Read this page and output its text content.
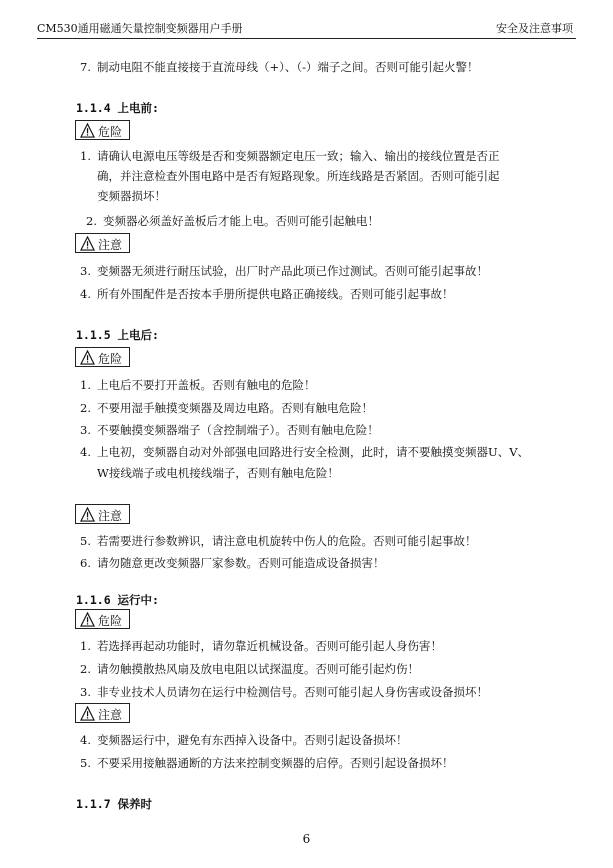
CM530通用磁通矢量控制变频器用户手册	安全及注意事项
7. 制动电阻不能直接接于直流母线（+）、（-）端子之间。否则可能引起火警！
1.1.4 上电前:
危险
1. 请确认电源电压等级是否和变频器额定电压一致；输入、输出的接线位置是否正
确，并注意检查外围电路中是否有短路现象。所连线路是否紧固。否则可能引起
变频器损坏！
2. 变频器必须盖好盖板后才能上电。否则可能引起触电！
注意
3. 变频器无须进行耐压试验，出厂时产品此项已作过测试。否则可能引起事故！
4. 所有外围配件是否按本手册所提供电路正确接线。否则可能引起事故！
1.1.5 上电后:
危险
1. 上电后不要打开盖板。否则有触电的危险！
2. 不要用湿手触摸变频器及周边电路。否则有触电危险！
3. 不要触摸变频器端子（含控制端子）。否则有触电危险！
4. 上电初，变频器自动对外部强电回路进行安全检测，此时，请不要触摸变频器U、V、
W接线端子或电机接线端子，否则有触电危险！
注意
5. 若需要进行参数辨识，请注意电机旋转中伤人的危险。否则可能引起事故！
6. 请勿随意更改变频器厂家参数。否则可能造成设备损害！
1.1.6 运行中:
危险
1. 若选择再起动功能时，请勿靠近机械设备。否则可能引起人身伤害！
2. 请勿触摸散热风扇及放电电阻以试探温度。否则可能引起灼伤！
3. 非专业技术人员请勿在运行中检测信号。否则可能引起人身伤害或设备损坏！
注意
4. 变频器运行中，避免有东西掉入设备中。否则引起设备损坏！
5. 不要采用接触器通断的方法来控制变频器的启停。否则引起设备损坏！
1.1.7 保养时
6
